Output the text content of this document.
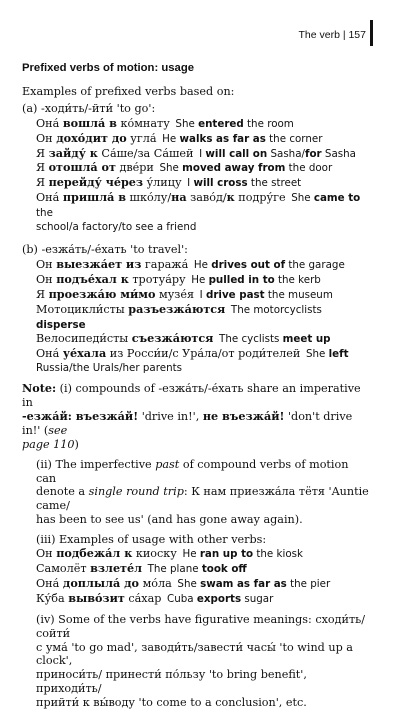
The verb | 157
Prefixed verbs of motion: usage
Examples of prefixed verbs based on:
(a) -ходи́ть/-йти́ 'to go':
Она́ вошла́ в ко́мнату  She entered the room
Он дохо́дит до угла́  He walks as far as the corner
Я зайду́ к Са́ше/за Са́шей  I will call on Sasha/for Sasha
Я отошла́ от две́ри  She moved away from the door
Я перейду́ че́рез у́лицу  I will cross the street
Она́ пришла́ в шко́лу/на заво́д/к подру́ге  She came to the
school/a factory/to see a friend
(b) -езжа́ть/-е́хать 'to travel':
Он выезжа́ет из гаража́  He drives out of the garage
Он подъе́хал к тротуа́ру  He pulled in to the kerb
Я проезжа́ю ми́мо музе́я  I drive past the museum
Мотоцикли́сты разъезжа́ются  The motorcyclists disperse
Велосипеди́сты съезжа́ются  The cyclists meet up
Она́ уе́хала из Росси́и/с Ура́ла/от роди́телей  She left
Russia/the Urals/her parents
Note: (i) compounds of -езжа́ть/-е́хать share an imperative in
-езжа́й: въезжа́й! 'drive in!', не въезжа́й! 'don't drive in!' (see
page 110)
(ii) The imperfective past of compound verbs of motion can
denote a single round trip: К нам приезжа́ла тётя 'Auntie came/
has been to see us' (and has gone away again).
(iii) Examples of usage with other verbs:
Он подбежа́л к киоску  He ran up to the kiosk
Самолёт взлете́л  The plane took off
Она́ доплыла́ до мо́ла  She swam as far as the pier
Ку́ба выво́зит са́хар  Cuba exports sugar
(iv) Some of the verbs have figurative meanings: сходи́ть/сойти́
с ума́ 'to go mad', заводи́ть/завести́ часы́ 'to wind up a clock',
приноси́ть/ принести́ по́льзу 'to bring benefit', приходи́ть/
прийти́ к вы́воду 'to come to a conclusion', etc.
